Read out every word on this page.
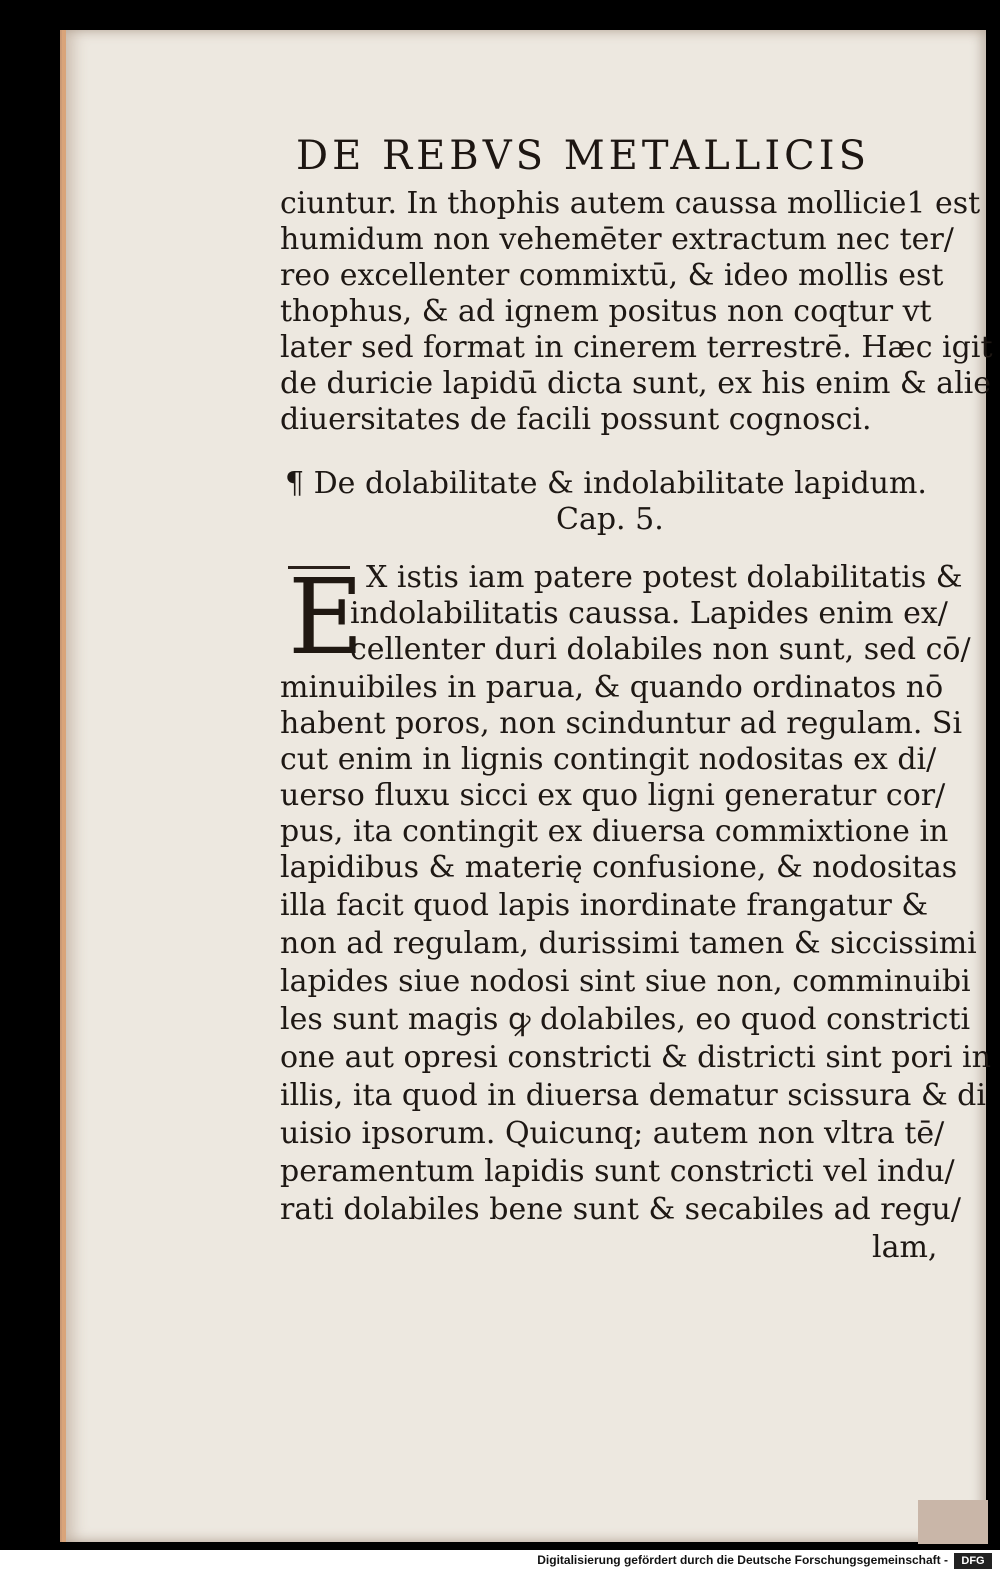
DE REBVS METALLICIS
ciuntur. In thophis autem caussa mollicie1 est
humidum non vehemēter extractum nec ter/
reo excellenter commixtū, & ideo mollis est
thophus, & ad ignem positus non coqtur vt
later sed format in cinerem terrestrē. Hæc igit
de duricie lapidū dicta sunt, ex his enim & alie
diuersitates de facili possunt cognosci.
¶ De dolabilitate & indolabilitate lapidum.
Cap. 5.
E X istis iam patere potest dolabilitatis &
indolabilitatis caussa. Lapides enim ex/
cellenter duri dolabiles non sunt, sed cō/
minuibiles in parua, & quando ordinatos nō
habent poros, non scinduntur ad regulam. Si
cut enim in lignis contingit nodositas ex di/
uerso fluxu sicci ex quo ligni generatur cor/
pus, ita contingit ex diuersa commixtione in
lapidibus & materię confusione, & nodositas
illa facit quod lapis inordinate frangatur &
non ad regulam, durissimi tamen & siccissimi
lapides siue nodosi sint siue non, comminuibi
les sunt magis ꝙ dolabiles, eo quod constricti
one aut opresi constricti & districti sint pori in
illis, ita quod in diuersa dematur scissura & di
uisio ipsorum. Quicunq; autem non vltra tē/
peramentum lapidis sunt constricti vel indu/
rati dolabiles bene sunt & secabiles ad regu/
lam,
Digitalisierung gefördert durch die Deutsche Forschungsgemeinschaft -	DFG
